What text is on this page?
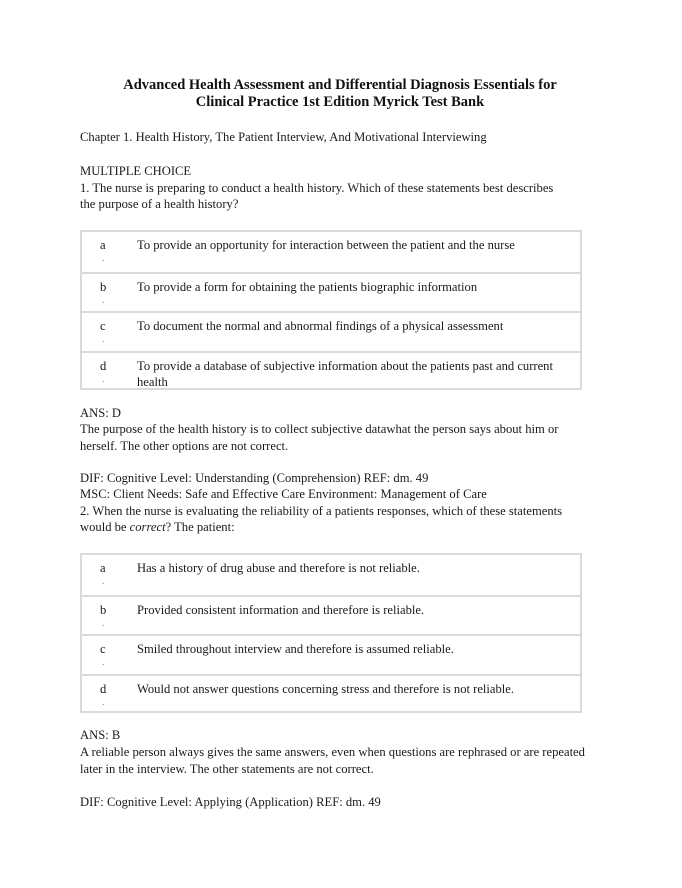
Advanced Health Assessment and Differential Diagnosis Essentials for
Clinical Practice 1st Edition Myrick Test Bank
Chapter 1. Health History, The Patient Interview, And Motivational Interviewing
MULTIPLE CHOICE
1. The nurse is preparing to conduct a health history. Which of these statements best describes
the purpose of a health history?
a
.
To provide an opportunity for interaction between the patient and the nurse
b
.
To provide a form for obtaining the patients biographic information
c
.
To document the normal and abnormal findings of a physical assessment
d
.
To provide a database of subjective information about the patients past and current health
ANS: D
The purpose of the health history is to collect subjective datawhat the person says about him or herself. The other options are not correct.
DIF: Cognitive Level: Understanding (Comprehension) REF: dm. 49
MSC: Client Needs: Safe and Effective Care Environment: Management of Care
2. When the nurse is evaluating the reliability of a patients responses, which of these statements
would be correct? The patient:
a
.
Has a history of drug abuse and therefore is not reliable.
b
.
Provided consistent information and therefore is reliable.
c
.
Smiled throughout interview and therefore is assumed reliable.
d
.
Would not answer questions concerning stress and therefore is not reliable.
ANS: B
A reliable person always gives the same answers, even when questions are rephrased or are repeated later in the interview. The other statements are not correct.
DIF: Cognitive Level: Applying (Application) REF: dm. 49
